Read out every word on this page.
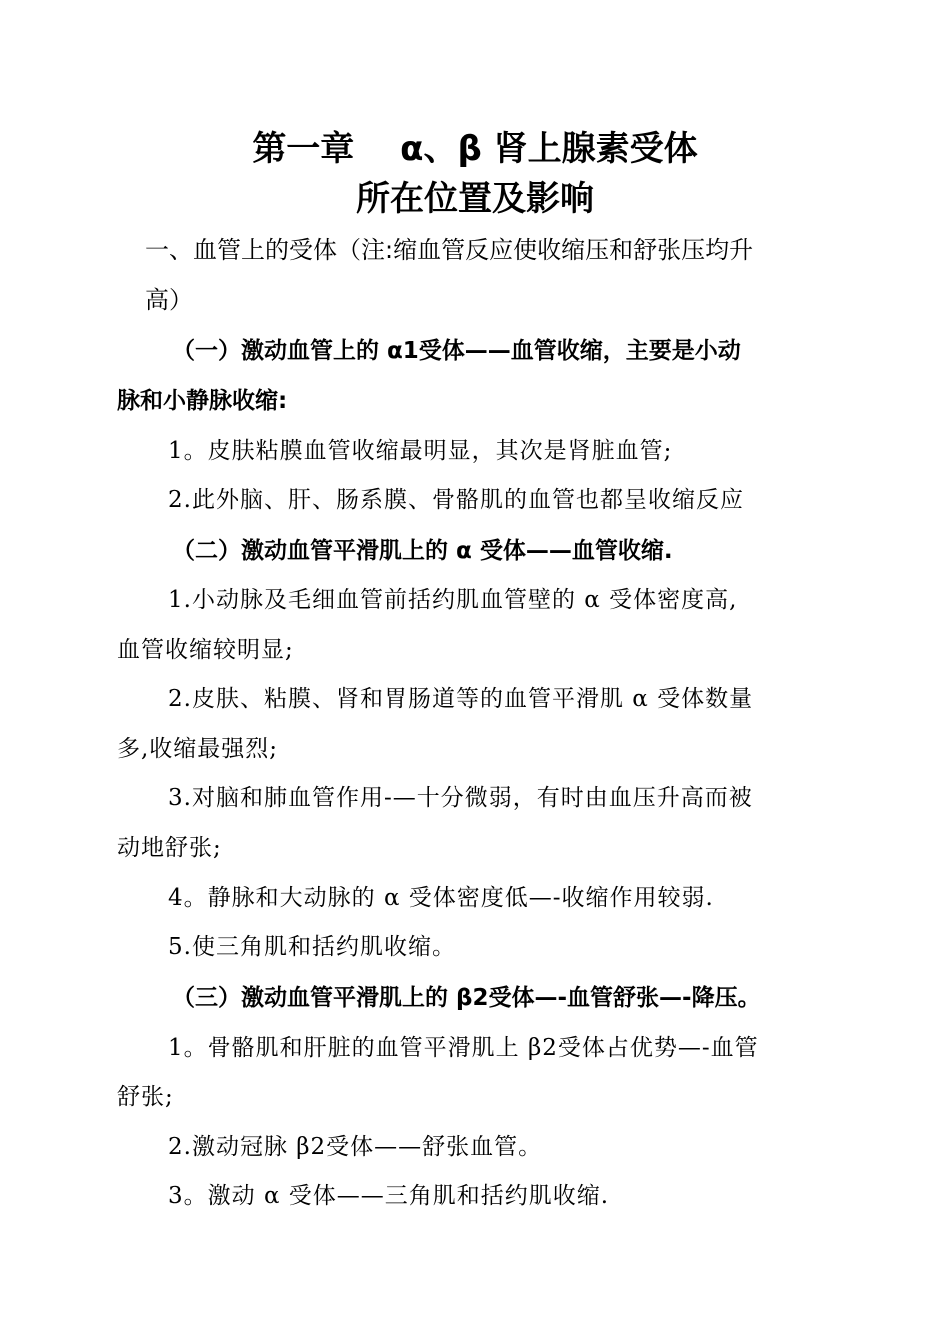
第一章　 α、β 肾上腺素受体
所在位置及影响
一、血管上的受体（注:缩血管反应使收缩压和舒张压均升
高）
（一）激动血管上的 α1受体——血管收缩，主要是小动
脉和小静脉收缩:
1。皮肤粘膜血管收缩最明显，其次是肾脏血管;
2.此外脑、肝、肠系膜、骨骼肌的血管也都呈收缩反应
（二）激动血管平滑肌上的 α 受体——血管收缩.
1.小动脉及毛细血管前括约肌血管壁的 α 受体密度高,
血管收缩较明显;
2.皮肤、粘膜、肾和胃肠道等的血管平滑肌 α 受体数量
多,收缩最强烈;
3.对脑和肺血管作用-—十分微弱，有时由血压升高而被
动地舒张;
4。静脉和大动脉的 α 受体密度低—-收缩作用较弱.
5.使三角肌和括约肌收缩。
（三）激动血管平滑肌上的 β2受体—-血管舒张—-降压。
1。骨骼肌和肝脏的血管平滑肌上 β2受体占优势—-血管
舒张;
2.激动冠脉 β2受体——舒张血管。
3。激动 α 受体——三角肌和括约肌收缩.
